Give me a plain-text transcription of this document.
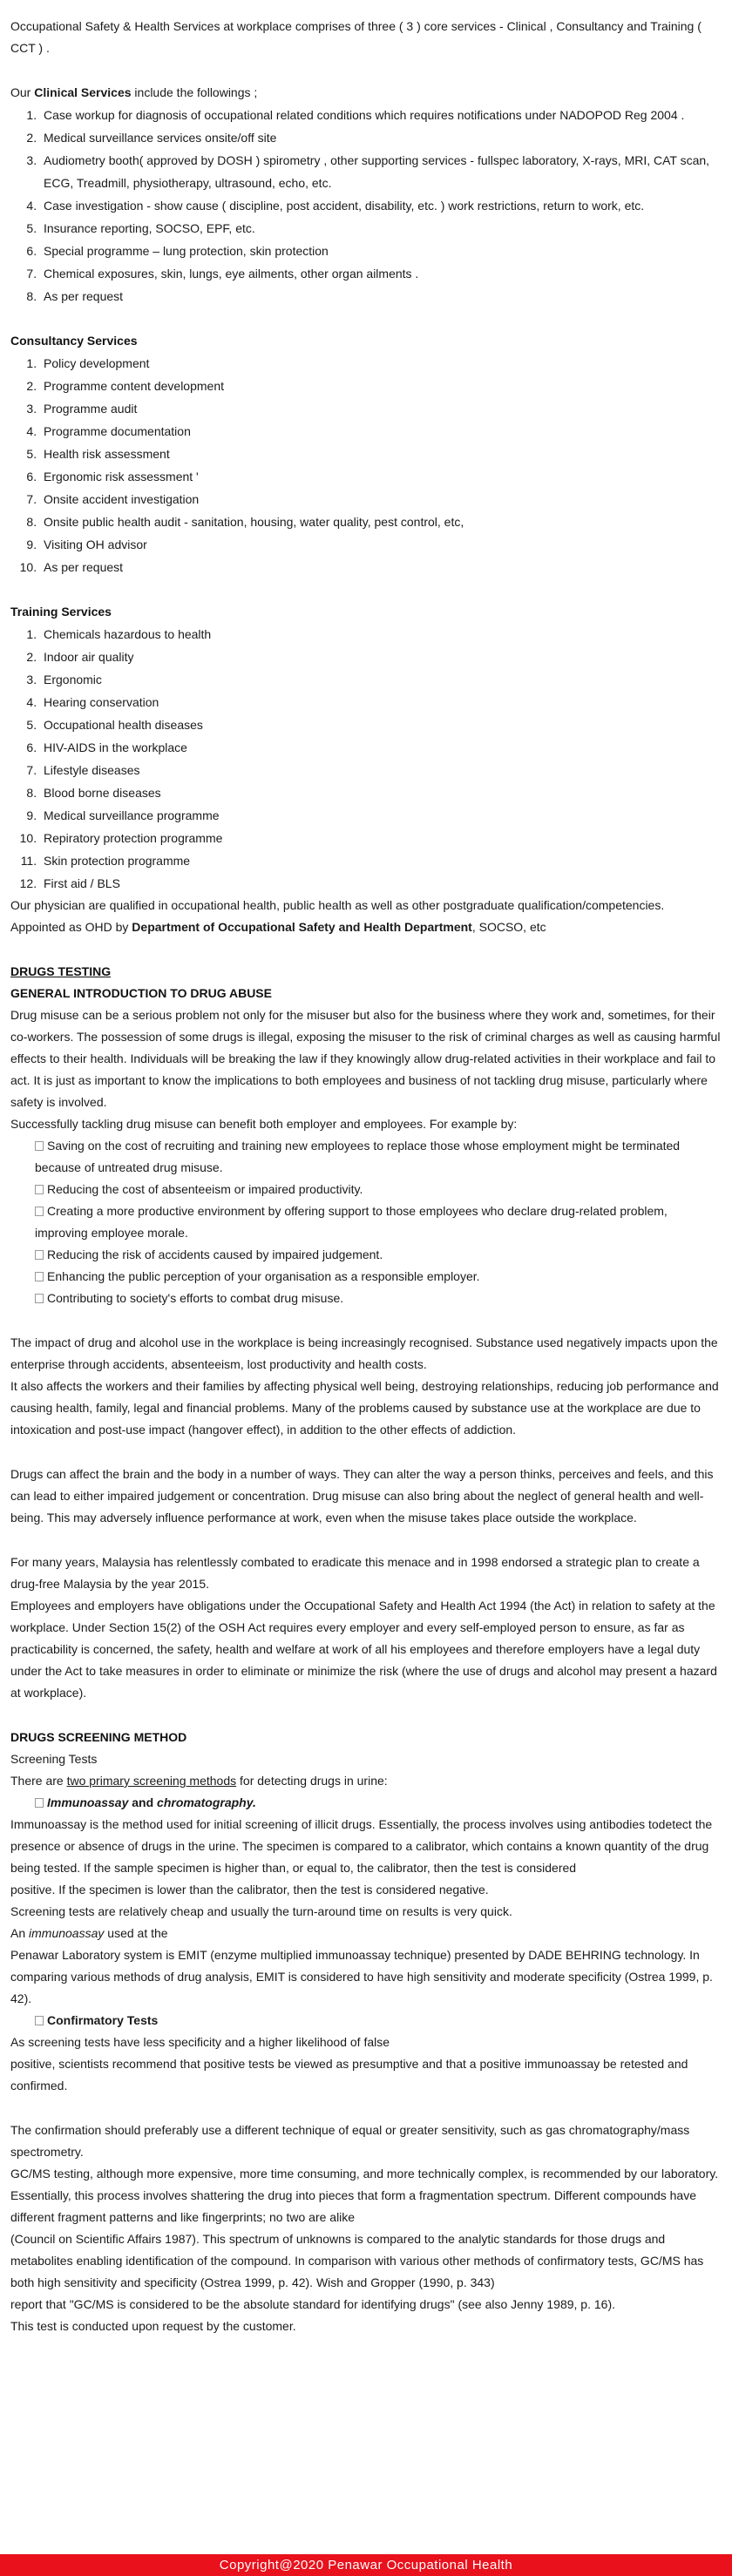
Occupational Safety & Health Services at workplace comprises of three ( 3 ) core services - Clinical , Consultancy and Training ( CCT ) .

Our Clinical Services include the followings ;

1. Case workup for diagnosis of occupational related conditions which requires notifications under NADOPOD Reg 2004 .
2. Medical surveillance services onsite/off site
3. Audiometry booth( approved by DOSH ) spirometry , other supporting services - fullspec laboratory, X-rays, MRI, CAT scan, ECG, Treadmill, physiotherapy, ultrasound, echo, etc.
4. Case investigation - show cause ( discipline, post accident, disability, etc. ) work restrictions, return to work, etc.
5. Insurance reporting, SOCSO, EPF, etc.
6. Special programme – lung protection, skin protection
7. Chemical exposures, skin, lungs, eye ailments, other organ ailments .
8. As per request

Consultancy Services

1. Policy development
2. Programme content development
3. Programme audit
4. Programme documentation
5. Health risk assessment
6. Ergonomic risk assessment '
7. Onsite accident investigation
8. Onsite public health audit - sanitation, housing, water quality, pest control, etc,
9. Visiting OH advisor
10. As per request

Training Services

1. Chemicals hazardous to health
2. Indoor air quality
3. Ergonomic
4. Hearing conservation
5. Occupational health diseases
6. HIV-AIDS in the workplace
7. Lifestyle diseases
8. Blood borne diseases
9. Medical surveillance programme
10. Repiratory protection programme
11. Skin protection programme
12. First aid / BLS

Our physician are qualified in occupational health, public health as well as other postgraduate qualification/competencies. Appointed as OHD by Department of Occupational Safety and Health Department, SOCSO, etc

DRUGS TESTING

GENERAL INTRODUCTION TO DRUG ABUSE

Drug misuse can be a serious problem not only for the misuser but also for the business where they work and, sometimes, for their co-workers. The possession of some drugs is illegal, exposing the misuser to the risk of criminal charges as well as causing harmful effects to their health. Individuals will be breaking the law if they knowingly allow drug-related activities in their workplace and fail to act. It is just as important to know the implications to both employees and business of not tackling drug misuse, particularly where safety is involved.

Successfully tackling drug misuse can benefit both employer and employees. For example by:

Saving on the cost of recruiting and training new employees to replace those whose employment might be terminated because of untreated drug misuse.
Reducing the cost of absenteeism or impaired productivity.
Creating a more productive environment by offering support to those employees who declare drug-related problem, improving employee morale.
Reducing the risk of accidents caused by impaired judgement.
Enhancing the public perception of your organisation as a responsible employer.
Contributing to society's efforts to combat drug misuse.

The impact of drug and alcohol use in the workplace is being increasingly recognised. Substance used negatively impacts upon the enterprise through accidents, absenteeism, lost productivity and health costs.

It also affects the workers and their families by affecting physical well being, destroying relationships, reducing job performance and causing health, family, legal and financial problems. Many of the problems caused by substance use at the workplace are due to intoxication and post-use impact (hangover effect), in addition to the other effects of addiction.

Drugs can affect the brain and the body in a number of ways. They can alter the way a person thinks, perceives and feels, and this can lead to either impaired judgement or concentration. Drug misuse can also bring about the neglect of general health and well-being. This may adversely influence performance at work, even when the misuse takes place outside the workplace.

For many years, Malaysia has relentlessly combated to eradicate this menace and in 1998 endorsed a strategic plan to create a drug-free Malaysia by the year 2015.

Employees and employers have obligations under the Occupational Safety and Health Act 1994 (the Act) in relation to safety at the workplace. Under Section 15(2) of the OSH Act requires every employer and every self-employed person to ensure, as far as practicability is concerned, the safety, health and welfare at work of all his employees and therefore employers have a legal duty under the Act to take measures in order to eliminate or minimize the risk (where the use of drugs and alcohol may present a hazard at workplace).

DRUGS SCREENING METHOD

Screening Tests

There are two primary screening methods for detecting drugs in urine:

Immunoassay and chromatography.

Immunoassay is the method used for initial screening of illicit drugs. Essentially, the process involves using antibodies todetect the presence or absence of drugs in the urine. The specimen is compared to a calibrator, which contains a known quantity of the drug being tested. If the sample specimen is higher than, or equal to, the calibrator, then the test is considered

positive. If the specimen is lower than the calibrator, then the test is considered negative.

Screening tests are relatively cheap and usually the turn-around time on results is very quick.

An immunoassay used at the

Penawar Laboratory system is EMIT (enzyme multiplied immunoassay technique) presented by DADE BEHRING technology. In comparing various methods of drug analysis, EMIT is considered to have high sensitivity and moderate specificity (Ostrea 1999, p. 42).

Confirmatory Tests

As screening tests have less specificity and a higher likelihood of false

positive, scientists recommend that positive tests be viewed as presumptive and that a positive immunoassay be retested and confirmed.

The confirmation should preferably use a different technique of equal or greater sensitivity, such as gas chromatography/mass spectrometry.

GC/MS testing, although more expensive, more time consuming, and more technically complex, is recommended by our laboratory. Essentially, this process involves shattering the drug into pieces that form a fragmentation spectrum. Different compounds have different fragment patterns and like fingerprints; no two are alike

(Council on Scientific Affairs 1987). This spectrum of unknowns is compared to the analytic standards for those drugs and metabolites enabling identification of the compound. In comparison with various other methods of confirmatory tests, GC/MS has both high sensitivity and specificity (Ostrea 1999, p. 42). Wish and Gropper (1990, p. 343)

report that "GC/MS is considered to be the absolute standard for identifying drugs" (see also Jenny 1989, p. 16).

This test is conducted upon request by the customer.

Copyright@2020 Penawar Occupational Health
